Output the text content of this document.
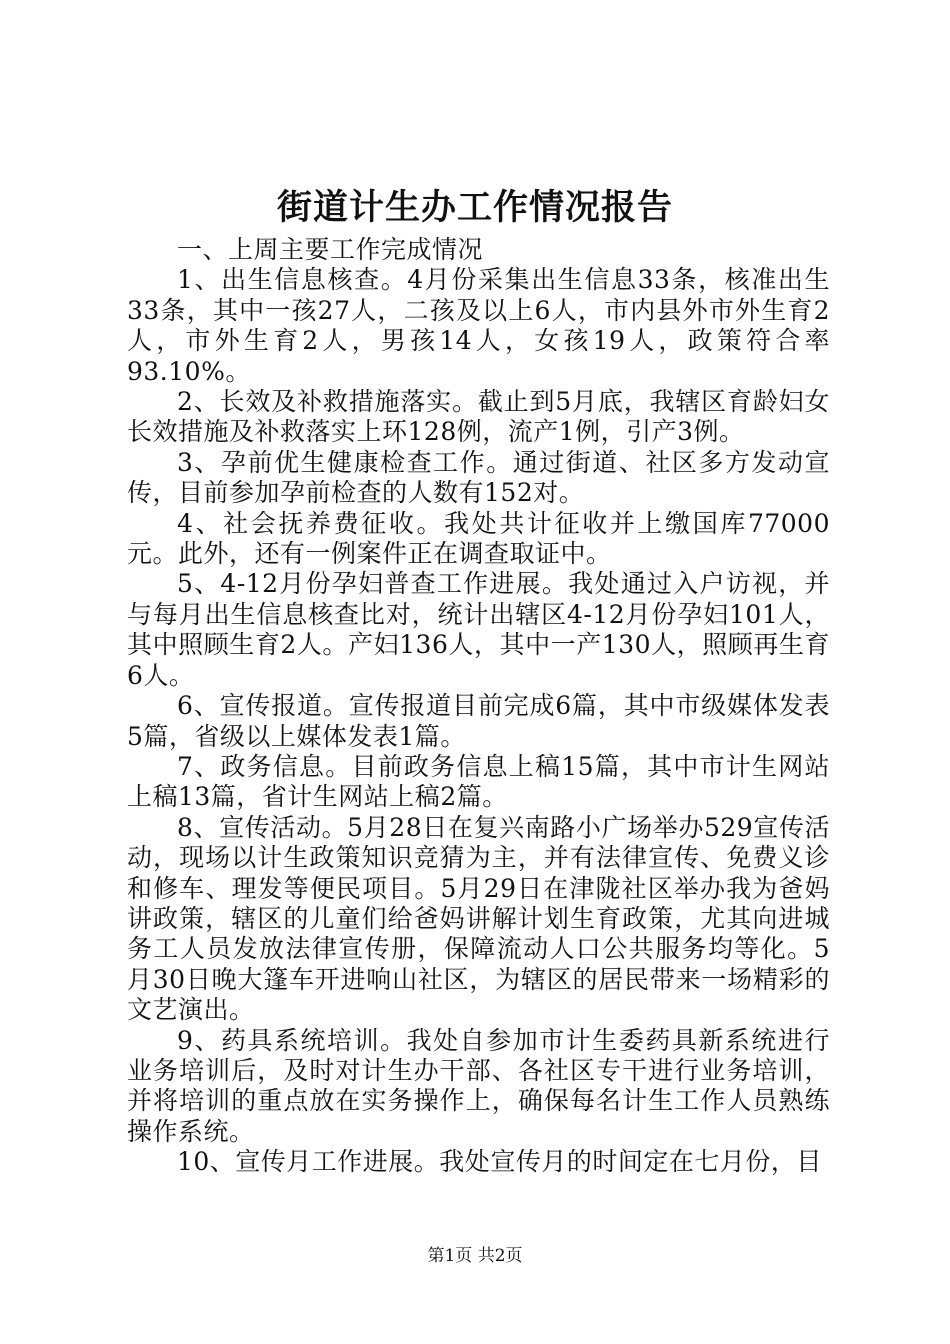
街道计生办工作情况报告

一、上周主要工作完成情况

1、出生信息核查。4月份采集出生信息33条，核准出生33条，其中一孩27人，二孩及以上6人，市内县外市外生育2人，市外生育2人，男孩14人，女孩19人，政策符合率93.10%。

2、长效及补救措施落实。截止到5月底，我辖区育龄妇女长效措施及补救落实上环128例，流产1例，引产3例。

3、孕前优生健康检查工作。通过街道、社区多方发动宣传，目前参加孕前检查的人数有152对。

4、社会抚养费征收。我处共计征收并上缴国库77000元。此外，还有一例案件正在调查取证中。

5、4-12月份孕妇普查工作进展。我处通过入户访视，并与每月出生信息核查比对，统计出辖区4-12月份孕妇101人，其中照顾生育2人。产妇136人，其中一产130人，照顾再生育6人。

6、宣传报道。宣传报道目前完成6篇，其中市级媒体发表5篇，省级以上媒体发表1篇。

7、政务信息。目前政务信息上稿15篇，其中市计生网站上稿13篇，省计生网站上稿2篇。

8、宣传活动。5月28日在复兴南路小广场举办529宣传活动，现场以计生政策知识竞猜为主，并有法律宣传、免费义诊和修车、理发等便民项目。5月29日在津陇社区举办我为爸妈讲政策，辖区的儿童们给爸妈讲解计划生育政策，尤其向进城务工人员发放法律宣传册，保障流动人口公共服务均等化。5月30日晚大篷车开进响山社区，为辖区的居民带来一场精彩的文艺演出。

9、药具系统培训。我处自参加市计生委药具新系统进行业务培训后，及时对计生办干部、各社区专干进行业务培训，并将培训的重点放在实务操作上，确保每名计生工作人员熟练操作系统。

10、宣传月工作进展。我处宣传月的时间定在七月份，目

第1页 共2页
